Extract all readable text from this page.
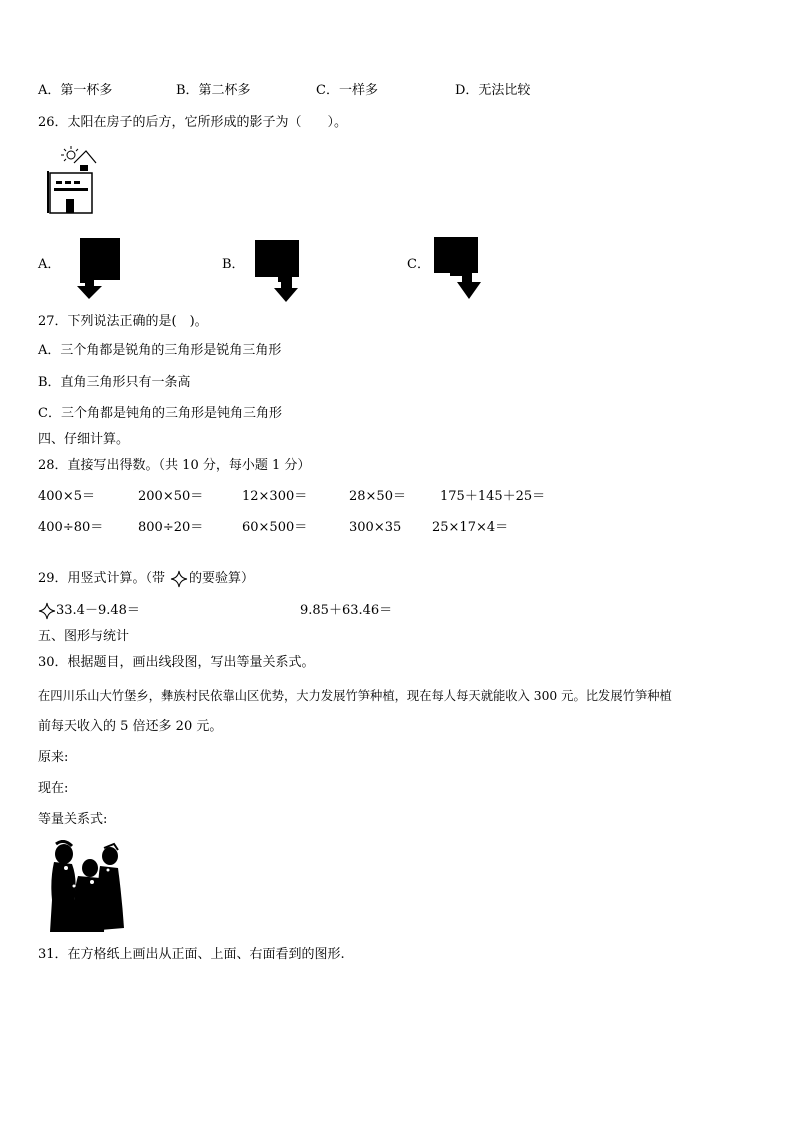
A．第一杯多	B．第二杯多	C．一样多	D．无法比较
26．太阳在房子的后方，它所形成的影子为（　　）。
A．	B．	C．
27．下列说法正确的是(　)。
A．三个角都是锐角的三角形是锐角三角形
B．直角三角形只有一条高
C．三个角都是钝角的三角形是钝角三角形
四、仔细计算。
28．直接写出得数。（共 10 分，每小题 1 分）
400×5＝	200×50＝	12×300＝	28×50＝	175＋145＋25＝
400÷80＝	800÷20＝	60×500＝	300×35 25×17×4＝
29．用竖式计算。（带 的要验算）
33.4－9.48＝	9.85＋63.46＝
五、图形与统计
30．根据题目，画出线段图，写出等量关系式。
在四川乐山大竹堡乡，彝族村民依靠山区优势，大力发展竹笋种植，现在每人每天就能收入 300 元。比发展竹笋种植
前每天收入的 5 倍还多 20 元。
原来:
现在:
等量关系式:
31．在方格纸上画出从正面、上面、右面看到的图形.
